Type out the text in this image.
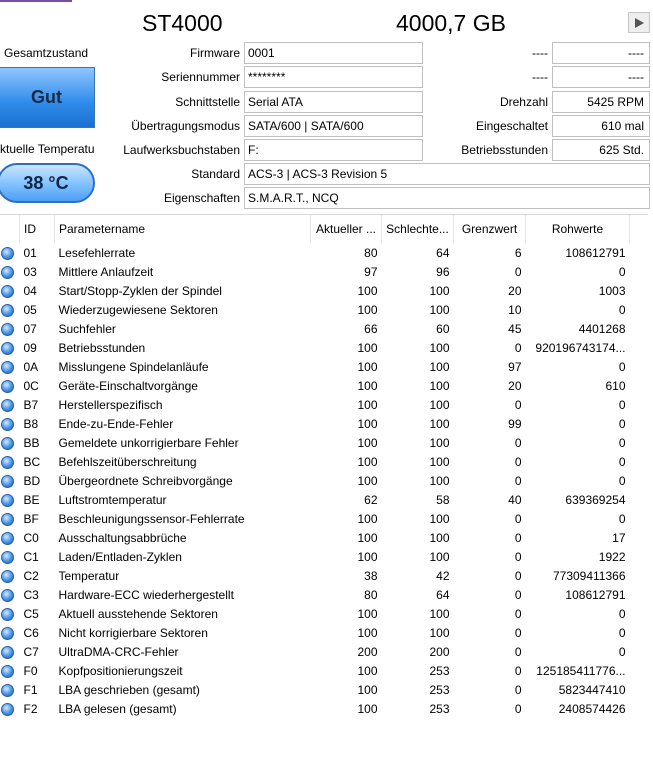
ST4000	4000,7 GB
Gesamtzustand
Gut
ktuelle Temperatu
38 °C
Firmware 0001
Seriennummer ********
Schnittstelle Serial ATA
Übertragungsmodus SATA/600 | SATA/600
Laufwerksbuchstaben F:
Standard ACS-3 | ACS-3 Revision 5
Eigenschaften S.M.A.R.T., NCQ
----	----
----	----
Drehzahl	5425 RPM
Eingeschaltet	610 mal
Betriebsstunden	625 Std.
	ID	Parametername	Aktueller ...	Schlechte...	Grenzwert	Rohwerte
	01	Lesefehlerrate	80	64	6	108612791
	03	Mittlere Anlaufzeit	97	96	0	0
	04	Start/Stopp-Zyklen der Spindel	100	100	20	1003
	05	Wiederzugewiesene Sektoren	100	100	10	0
	07	Suchfehler	66	60	45	4401268
	09	Betriebsstunden	100	100	0	920196743174...
	0A	Misslungene Spindelanläufe	100	100	97	0
	0C	Geräte-Einschaltvorgänge	100	100	20	610
	B7	Herstellerspezifisch	100	100	0	0
	B8	Ende-zu-Ende-Fehler	100	100	99	0
	BB	Gemeldete unkorrigierbare Fehler	100	100	0	0
	BC	Befehlszeitüberschreitung	100	100	0	0
	BD	Übergeordnete Schreibvorgänge	100	100	0	0
	BE	Luftstromtemperatur	62	58	40	639369254
	BF	Beschleunigungssensor-Fehlerrate	100	100	0	0
	C0	Ausschaltungsabbrüche	100	100	0	17
	C1	Laden/Entladen-Zyklen	100	100	0	1922
	C2	Temperatur	38	42	0	77309411366
	C3	Hardware-ECC wiederhergestellt	80	64	0	108612791
	C5	Aktuell ausstehende Sektoren	100	100	0	0
	C6	Nicht korrigierbare Sektoren	100	100	0	0
	C7	UltraDMA-CRC-Fehler	200	200	0	0
	F0	Kopfpositionierungszeit	100	253	0	125185411776...
	F1	LBA geschrieben (gesamt)	100	253	0	5823447410
	F2	LBA gelesen (gesamt)	100	253	0	2408574426
